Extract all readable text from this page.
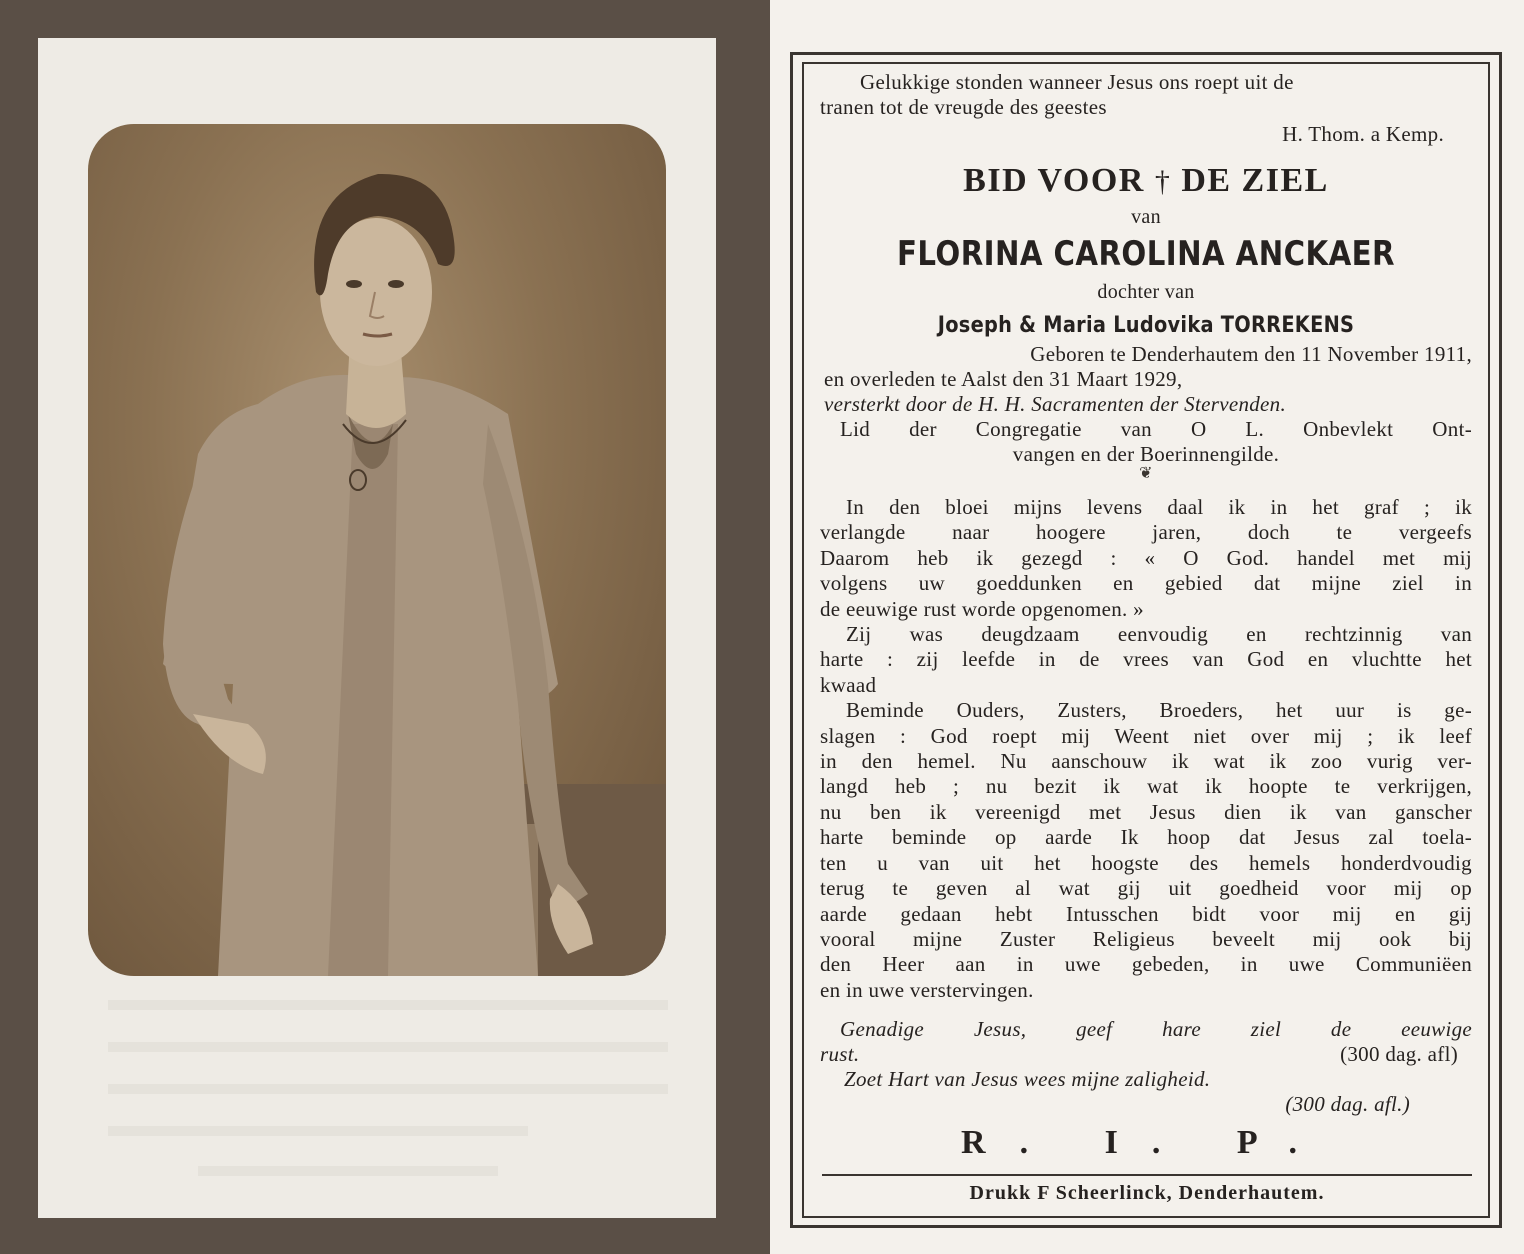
Gelukkige stonden wanneer Jesus ons roept uit de
tranen tot de vreugde des geestes
H. Thom. a Kemp.
BID VOOR † DE ZIEL
van
FLORINA CAROLINA ANCKAER
dochter van
Joseph & Maria Ludovika TORREKENS
Geboren te Denderhautem den 11 November 1911,
en overleden te Aalst den 31 Maart 1929,
versterkt door de H. H. Sacramenten der Stervenden.
Lid der Congregatie van O L. Onbevlekt Ont-
vangen en der Boerinnengilde.
❦
In den bloei mijns levens daal ik in het graf ; ik
verlangde naar hoogere jaren, doch te vergeefs
Daarom heb ik gezegd : « O God. handel met mij
volgens uw goeddunken en gebied dat mijne ziel in
de eeuwige rust worde opgenomen. »
Zij was deugdzaam eenvoudig en rechtzinnig van
harte : zij leefde in de vrees van God en vluchtte het
kwaad
Beminde Ouders, Zusters, Broeders, het uur is ge-
slagen : God roept mij Weent niet over mij ; ik leef
in den hemel. Nu aanschouw ik wat ik zoo vurig ver-
langd heb ; nu bezit ik wat ik hoopte te verkrijgen,
nu ben ik vereenigd met Jesus dien ik van ganscher
harte beminde op aarde Ik hoop dat Jesus zal toela-
ten u van uit het hoogste des hemels honderdvoudig
terug te geven al wat gij uit goedheid voor mij op
aarde gedaan hebt Intusschen bidt voor mij en gij
vooral mijne Zuster Religieus beveelt mij ook bij
den Heer aan in uwe gebeden, in uwe Communiëen
en in uwe verstervingen.
Genadige Jesus, geef hare ziel de eeuwige
rust.	(300 dag. afl)
Zoet Hart van Jesus wees mijne zaligheid.
(300 dag. afl.)
R. I. P.
Drukk F Scheerlinck, Denderhautem.
